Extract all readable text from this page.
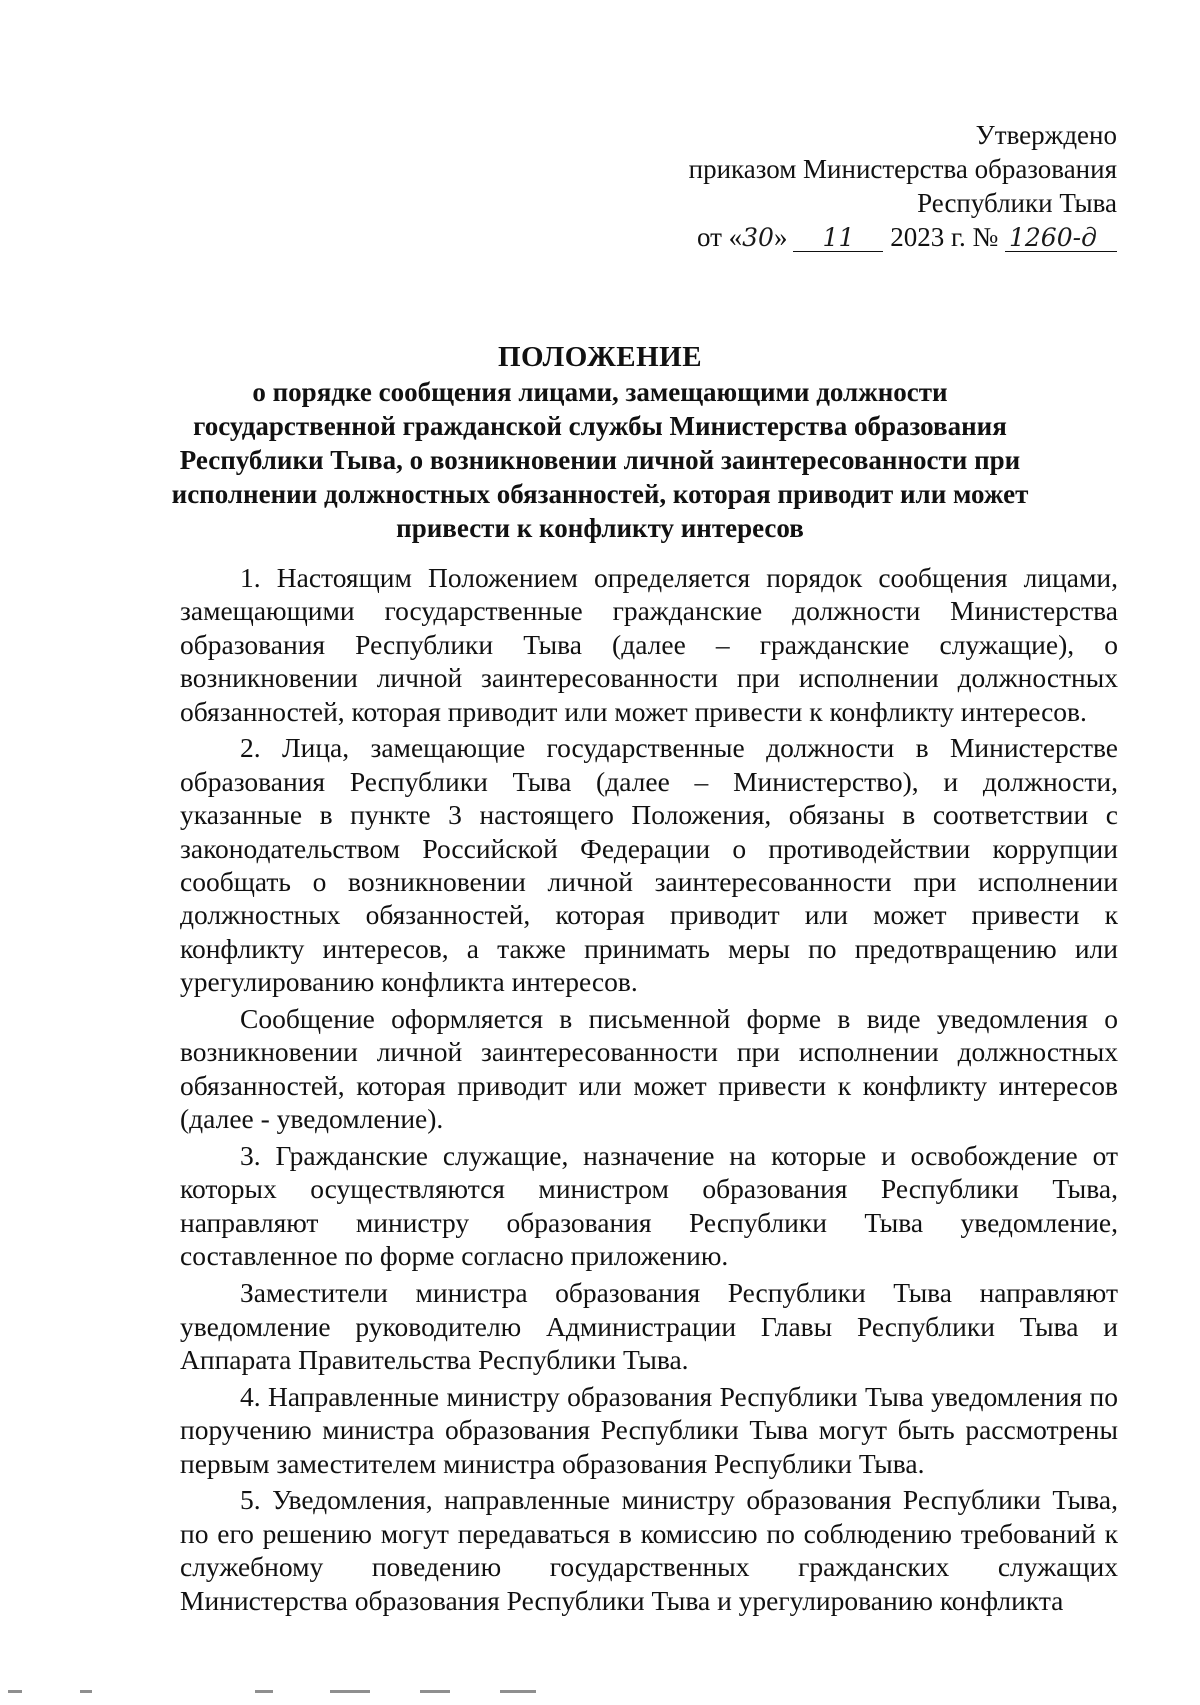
Утверждено
приказом Министерства образования
Республики Тыва
от «30» 11 2023 г. № 1260-д
ПОЛОЖЕНИЕ
о порядке сообщения лицами, замещающими должности государственной гражданской службы Министерства образования Республики Тыва, о возникновении личной заинтересованности при исполнении должностных обязанностей, которая приводит или может привести к конфликту интересов

1. Настоящим Положением определяется порядок сообщения лицами, замещающими государственные гражданские должности Министерства образования Республики Тыва (далее – гражданские служащие), о возникновении личной заинтересованности при исполнении должностных обязанностей, которая приводит или может привести к конфликту интересов.

2. Лица, замещающие государственные должности в Министерстве образования Республики Тыва (далее – Министерство), и должности, указанные в пункте 3 настоящего Положения, обязаны в соответствии с законодательством Российской Федерации о противодействии коррупции сообщать о возникновении личной заинтересованности при исполнении должностных обязанностей, которая приводит или может привести к конфликту интересов, а также принимать меры по предотвращению или урегулированию конфликта интересов.

Сообщение оформляется в письменной форме в виде уведомления о возникновении личной заинтересованности при исполнении должностных обязанностей, которая приводит или может привести к конфликту интересов (далее - уведомление).

3. Гражданские служащие, назначение на которые и освобождение от которых осуществляются министром образования Республики Тыва, направляют министру образования Республики Тыва уведомление, составленное по форме согласно приложению.

Заместители министра образования Республики Тыва направляют уведомление руководителю Администрации Главы Республики Тыва и Аппарата Правительства Республики Тыва.

4. Направленные министру образования Республики Тыва уведомления по поручению министра образования Республики Тыва могут быть рассмотрены первым заместителем министра образования Республики Тыва.

5. Уведомления, направленные министру образования Республики Тыва, по его решению могут передаваться в комиссию по соблюдению требований к служебному поведению государственных гражданских служащих Министерства образования Республики Тыва и урегулированию конфликта
